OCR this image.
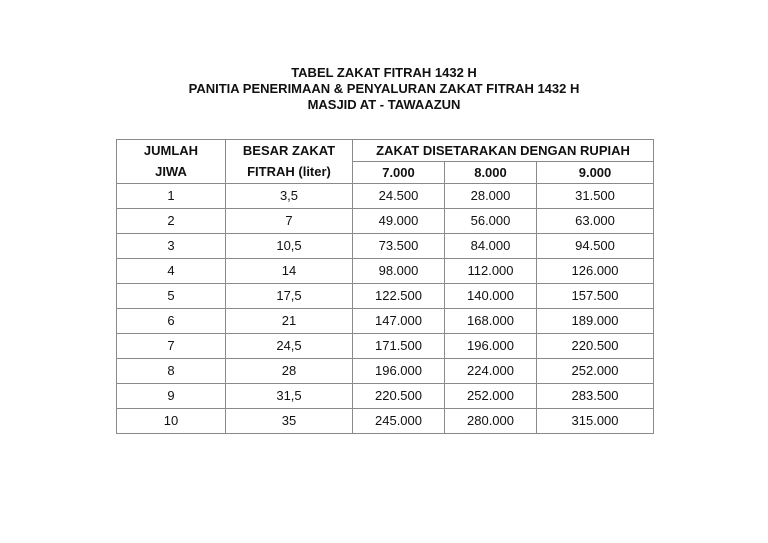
TABEL ZAKAT FITRAH 1432 H
PANITIA PENERIMAAN & PENYALURAN ZAKAT FITRAH 1432 H
MASJID AT - TAWAAZUN
JUMLAH	BESAR ZAKAT	ZAKAT DISETARAKAN DENGAN RUPIAH		
JIWA	FITRAH (liter)	7.000	8.000	9.000
1	3,5	24.500	28.000	31.500
2	7	49.000	56.000	63.000
3	10,5	73.500	84.000	94.500
4	14	98.000	112.000	126.000
5	17,5	122.500	140.000	157.500
6	21	147.000	168.000	189.000
7	24,5	171.500	196.000	220.500
8	28	196.000	224.000	252.000
9	31,5	220.500	252.000	283.500
10	35	245.000	280.000	315.000
